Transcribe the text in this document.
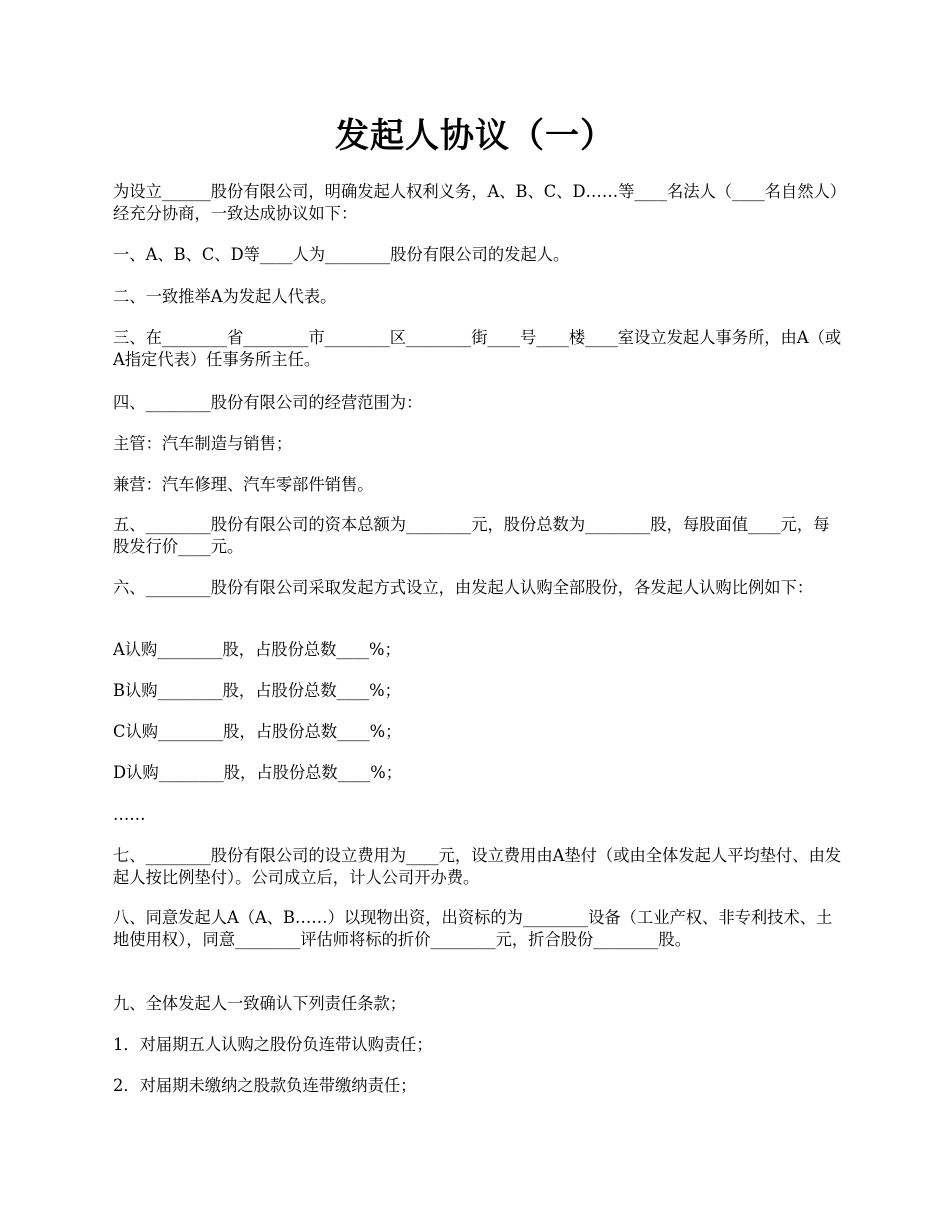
发起人协议（一）

为设立______股份有限公司，明确发起人权利义务，A、B、C、D……等____名法人（____名自然人）经充分协商，一致达成协议如下：

一、A、B、C、D等____人为________股份有限公司的发起人。

二、一致推举A为发起人代表。

三、在________省________市________区________街____号____楼____室设立发起人事务所，由A（或A指定代表）任事务所主任。

四、________股份有限公司的经营范围为：

主管：汽车制造与销售；

兼营：汽车修理、汽车零部件销售。

五、________股份有限公司的资本总额为________元，股份总数为________股，每股面值____元，每股发行价____元。

六、________股份有限公司采取发起方式设立，由发起人认购全部股份，各发起人认购比例如下：

A认购________股，占股份总数____%；

B认购________股，占股份总数____%；

C认购________股，占股份总数____%；

D认购________股，占股份总数____%；

……

七、________股份有限公司的设立费用为____元，设立费用由A垫付（或由全体发起人平均垫付、由发起人按比例垫付）。公司成立后，计人公司开办费。

八、同意发起人A（A、B……）以现物出资，出资标的为________设备（工业产权、非专利技术、土地使用权），同意________评估师将标的折价________元，折合股份________股。

九、全体发起人一致确认下列责任条款；

1．对届期五人认购之股份负连带认购责任；

2．对届期未缴纳之股款负连带缴纳责任；
